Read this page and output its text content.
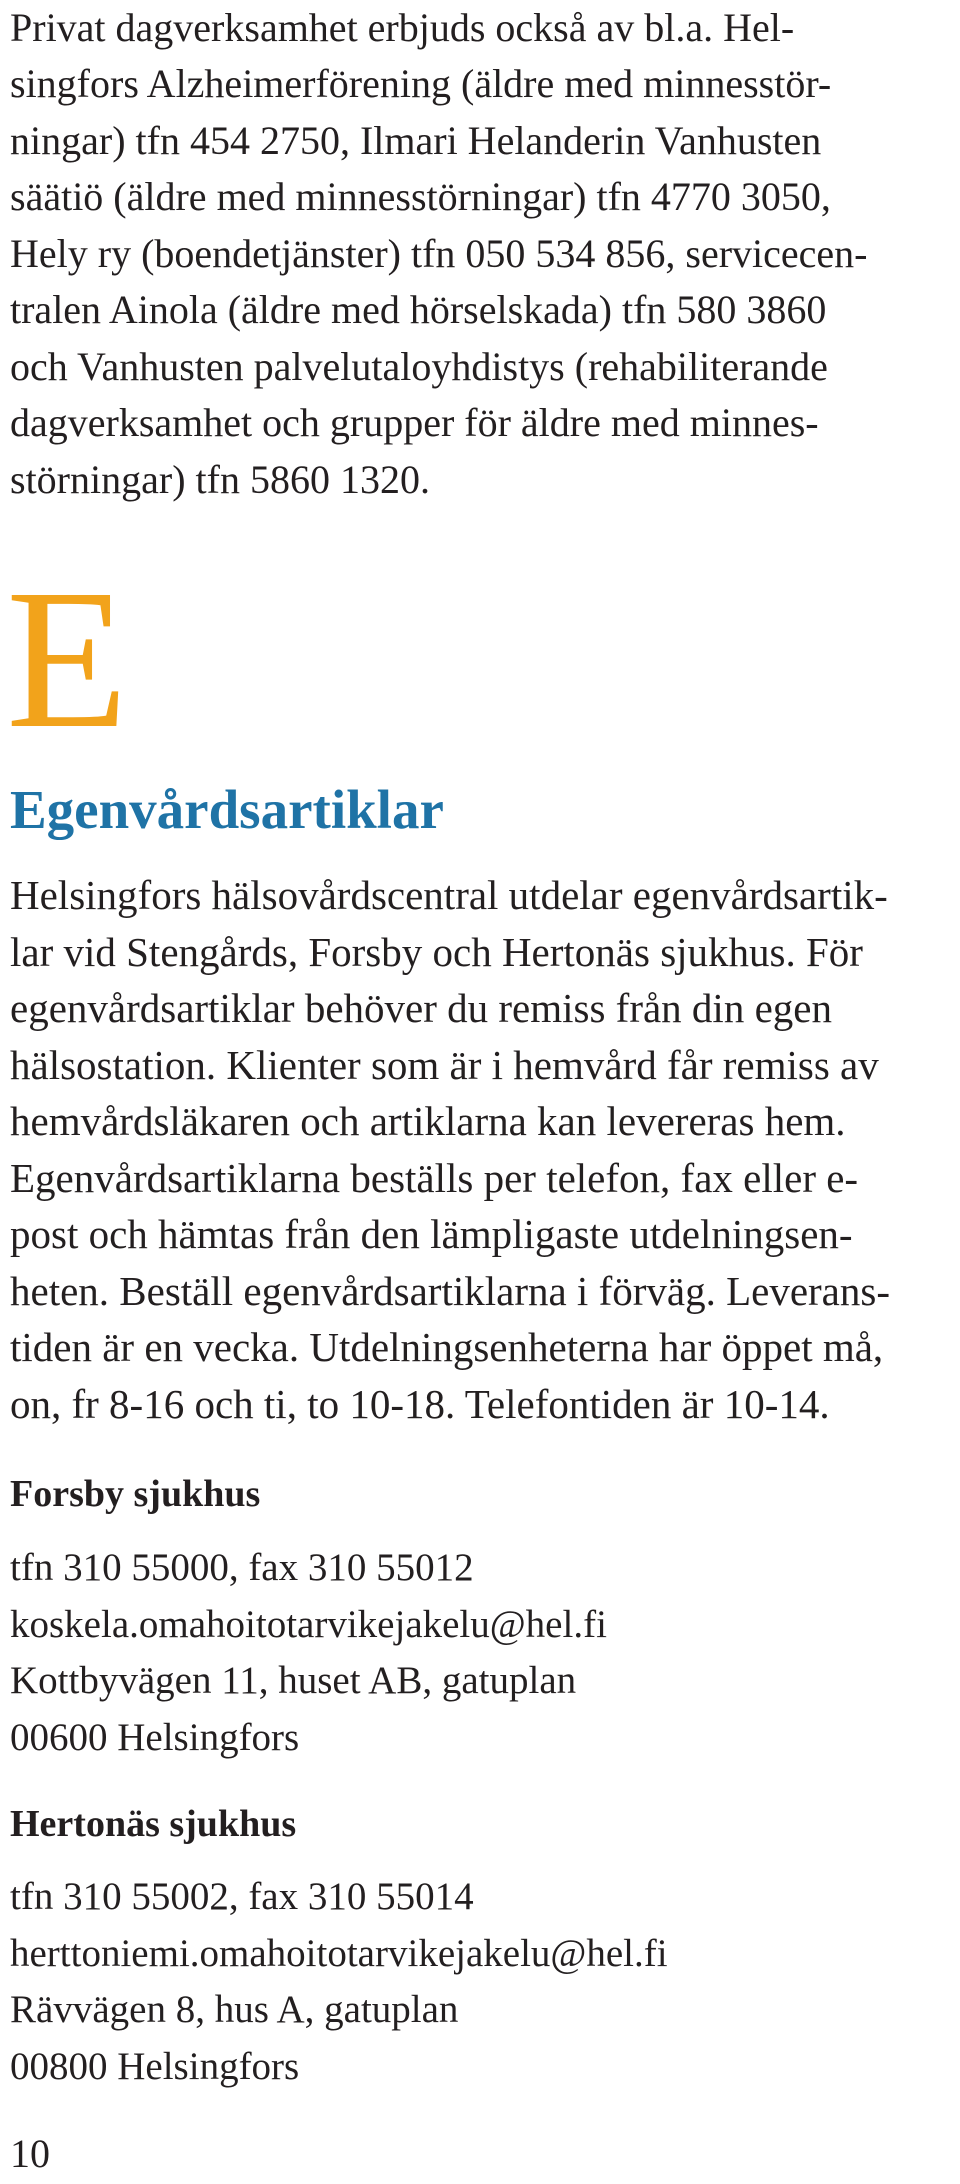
Privat dagverksamhet erbjuds också av bl.a. Hel-
singfors Alzheimerförening (äldre med minnesstör-
ningar) tfn 454 2750, Ilmari Helanderin Vanhusten
säätiö (äldre med minnesstörningar) tfn 4770 3050,
Hely ry (boendetjänster) tfn 050 534 856, servicecen-
tralen Ainola (äldre med hörselskada) tfn 580 3860
och Vanhusten palvelutaloyhdistys (rehabiliterande
dagverksamhet och grupper för äldre med minnes-
störningar) tfn 5860 1320.
E
Egenvårdsartiklar
Helsingfors hälsovårdscentral utdelar egenvårdsartik-
lar vid Stengårds, Forsby och Hertonäs sjukhus. För
egenvårdsartiklar behöver du remiss från din egen
hälsostation. Klienter som är i hemvård får remiss av
hemvårdsläkaren och artiklarna kan levereras hem.
Egenvårdsartiklarna beställs per telefon, fax eller e-
post och hämtas från den lämpligaste utdelningsen-
heten. Beställ egenvårdsartiklarna i förväg. Leverans-
tiden är en vecka. Utdelningsenheterna har öppet må,
on, fr 8-16 och ti, to 10-18. Telefontiden är 10-14.
Forsby sjukhus
tfn 310 55000, fax 310 55012
koskela.omahoitotarvikejakelu@hel.fi
Kottbyvägen 11, huset AB, gatuplan
00600 Helsingfors
Hertonäs sjukhus
tfn 310 55002, fax 310 55014
herttoniemi.omahoitotarvikejakelu@hel.fi
Rävvägen 8, hus A, gatuplan
00800 Helsingfors
10
